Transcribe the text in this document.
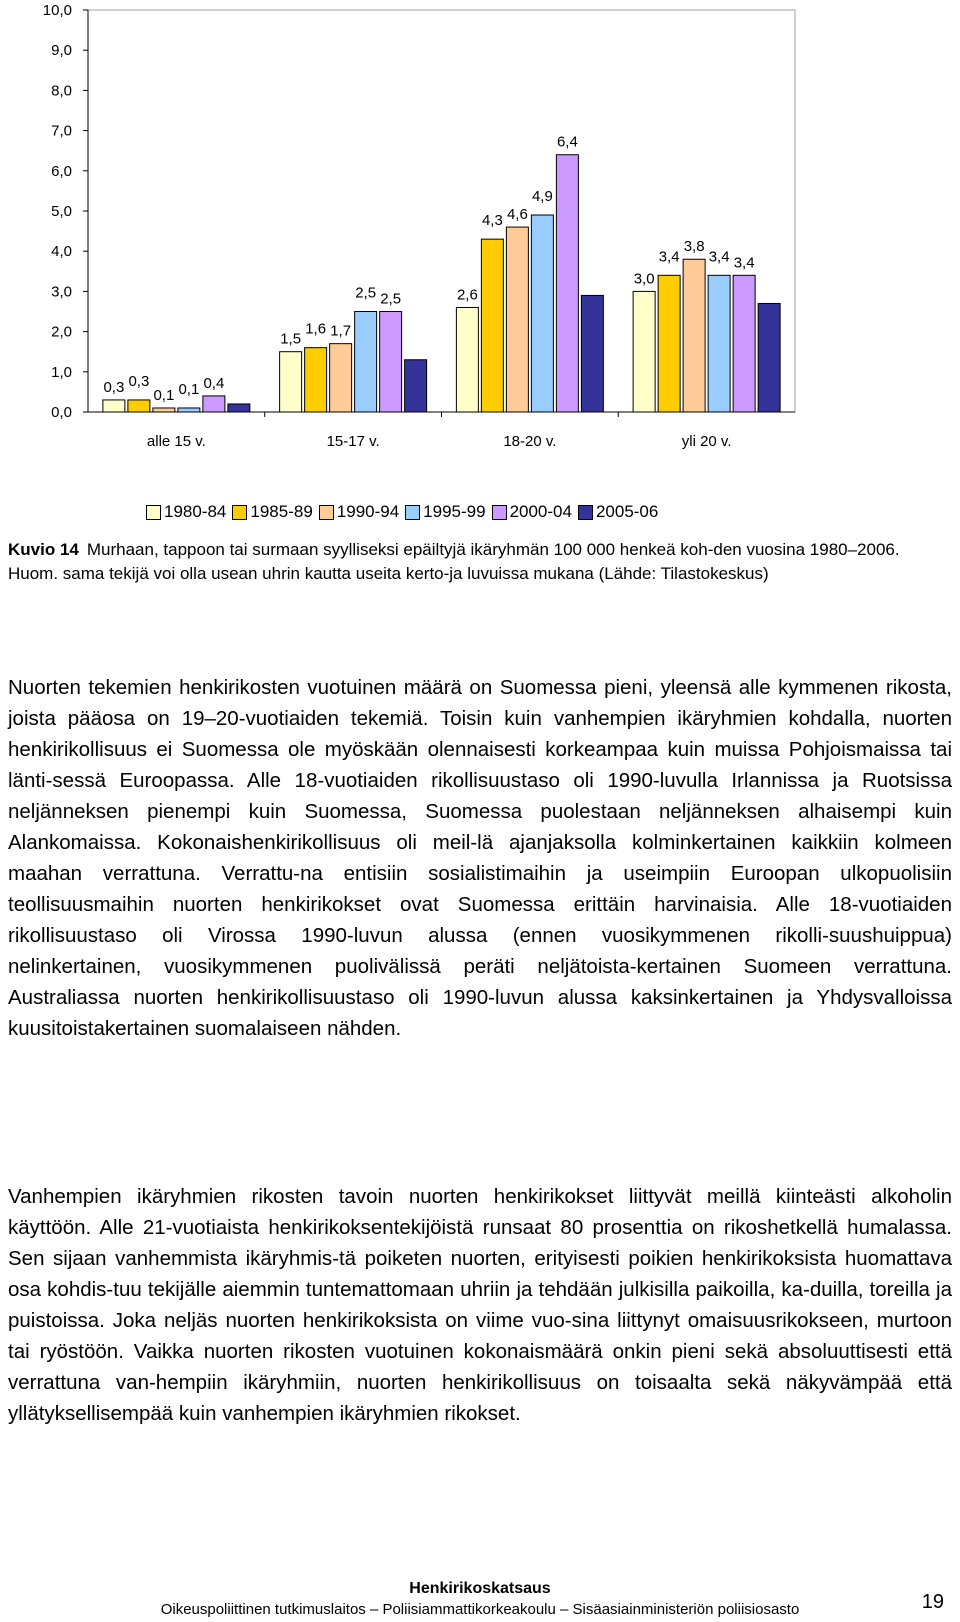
0,0
1,0
2,0
3,0
4,0
5,0
6,0
7,0
8,0
9,0
10,0
alle 15 v.
0,3 0,3
0,1 0,1 0,4
15-17 v.
1,5
1,6 1,7
2,5 2,5
18-20 v.
2,6
4,3 4,6
4,9
6,4
yli 20 v.
3,0
3,4
3,8
3,4 3,4
1980-84 1985-89 1990-94 1995-99 2000-04 2005-06
Kuvio 14 Murhaan, tappoon tai surmaan syylliseksi epäiltyjä ikäryhmän 100 000 henkeä koh-den vuosina 1980–2006. Huom. sama tekijä voi olla usean uhrin kautta useita kerto-ja luvuissa mukana (Lähde: Tilastokeskus)

Nuorten tekemien henkirikosten vuotuinen määrä on Suomessa pieni, yleensä alle kymmenen rikosta, joista pääosa on 19–20-vuotiaiden tekemiä. Toisin kuin vanhempien ikäryhmien kohdalla, nuorten henkirikollisuus ei Suomessa ole myöskään olennaisesti korkeampaa kuin muissa Pohjoismaissa tai länti-sessä Euroopassa. Alle 18-vuotiaiden rikollisuustaso oli 1990-luvulla Irlannissa ja Ruotsissa neljänneksen pienempi kuin Suomessa, Suomessa puolestaan neljänneksen alhaisempi kuin Alankomaissa. Kokonaishenkirikollisuus oli meil-lä ajanjaksolla kolminkertainen kaikkiin kolmeen maahan verrattuna. Verrattu-na entisiin sosialistimaihin ja useimpiin Euroopan ulkopuolisiin teollisuusmaihin nuorten henkirikokset ovat Suomessa erittäin harvinaisia. Alle 18-vuotiaiden rikollisuustaso oli Virossa 1990-luvun alussa (ennen vuosikymmenen rikolli-suushuippua) nelinkertainen, vuosikymmenen puolivälissä peräti neljätoista-kertainen Suomeen verrattuna. Australiassa nuorten henkirikollisuustaso oli 1990-luvun alussa kaksinkertainen ja Yhdysvalloissa kuusitoistakertainen suomalaiseen nähden.

Vanhempien ikäryhmien rikosten tavoin nuorten henkirikokset liittyvät meillä kiinteästi alkoholin käyttöön. Alle 21-vuotiaista henkirikoksentekijöistä runsaat 80 prosenttia on rikoshetkellä humalassa. Sen sijaan vanhemmista ikäryhmis-tä poiketen nuorten, erityisesti poikien henkirikoksista huomattava osa kohdis-tuu tekijälle aiemmin tuntemattomaan uhriin ja tehdään julkisilla paikoilla, ka-duilla, toreilla ja puistoissa. Joka neljäs nuorten henkirikoksista on viime vuo-sina liittynyt omaisuusrikokseen, murtoon tai ryöstöön. Vaikka nuorten rikosten vuotuinen kokonaismäärä onkin pieni sekä absoluuttisesti että verrattuna van-hempiin ikäryhmiin, nuorten henkirikollisuus on toisaalta sekä näkyvämpää että yllätyksellisempää kuin vanhempien ikäryhmien rikokset.

Henkirikoskatsaus
Oikeuspoliittinen tutkimuslaitos – Poliisiammattikorkeakoulu – Sisäasiainministeriön poliisiosasto	19
